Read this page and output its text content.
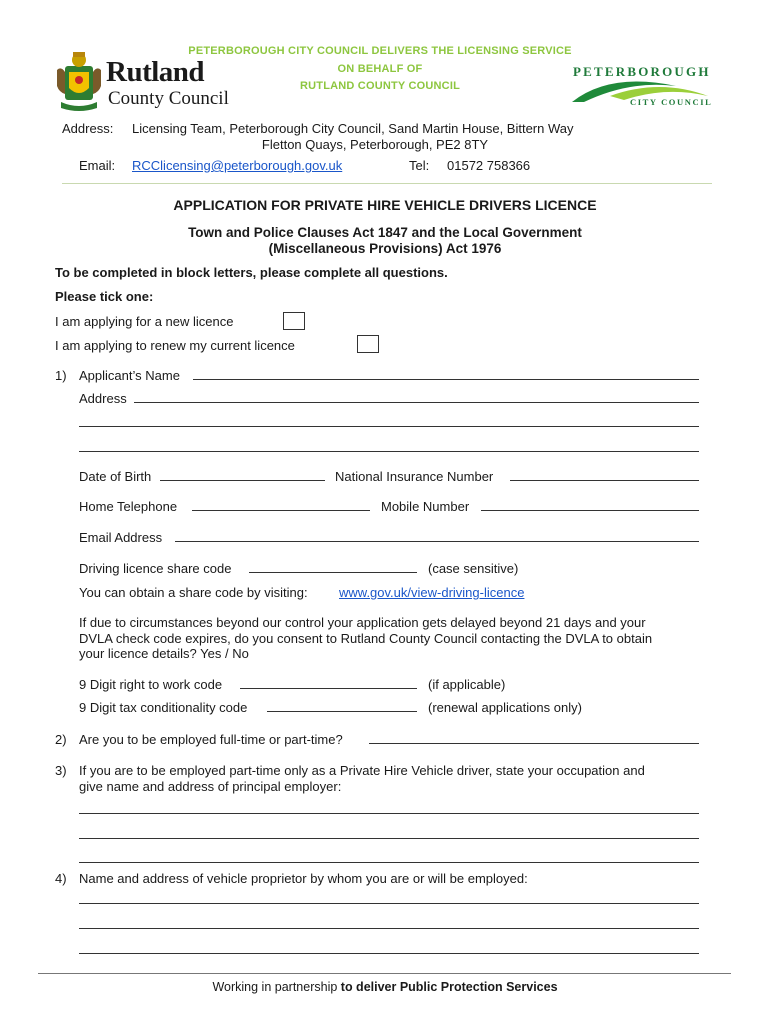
Rutland
County Council
PETERBOROUGH CITY COUNCIL DELIVERS THE LICENSING SERVICE
ON BEHALF OF
RUTLAND COUNTY COUNCIL
PETERBOROUGH
CITY COUNCIL
Address: Licensing Team, Peterborough City Council, Sand Martin House, Bittern Way
Fletton Quays, Peterborough, PE2 8TY
Email: RCClicensing@peterborough.gov.uk	Tel: 01572 758366
APPLICATION FOR PRIVATE HIRE VEHICLE DRIVERS LICENCE
Town and Police Clauses Act 1847 and the Local Government
(Miscellaneous Provisions) Act 1976
To be completed in block letters, please complete all questions.
Please tick one:
I am applying for a new licence
I am applying to renew my current licence
1) Applicant’s Name
Address
Date of Birth	National Insurance Number
Home Telephone	Mobile Number
Email Address
Driving licence share code	(case sensitive)
You can obtain a share code by visiting: www.gov.uk/view-driving-licence
If due to circumstances beyond our control your application gets delayed beyond 21 days and your
DVLA check code expires, do you consent to Rutland County Council contacting the DVLA to obtain
your licence details? Yes / No
9 Digit right to work code	(if applicable)
9 Digit tax conditionality code	(renewal applications only)
2) Are you to be employed full-time or part-time?
3) If you are to be employed part-time only as a Private Hire Vehicle driver, state your occupation and
give name and address of principal employer:
4) Name and address of vehicle proprietor by whom you are or will be employed:
Working in partnership to deliver Public Protection Services
